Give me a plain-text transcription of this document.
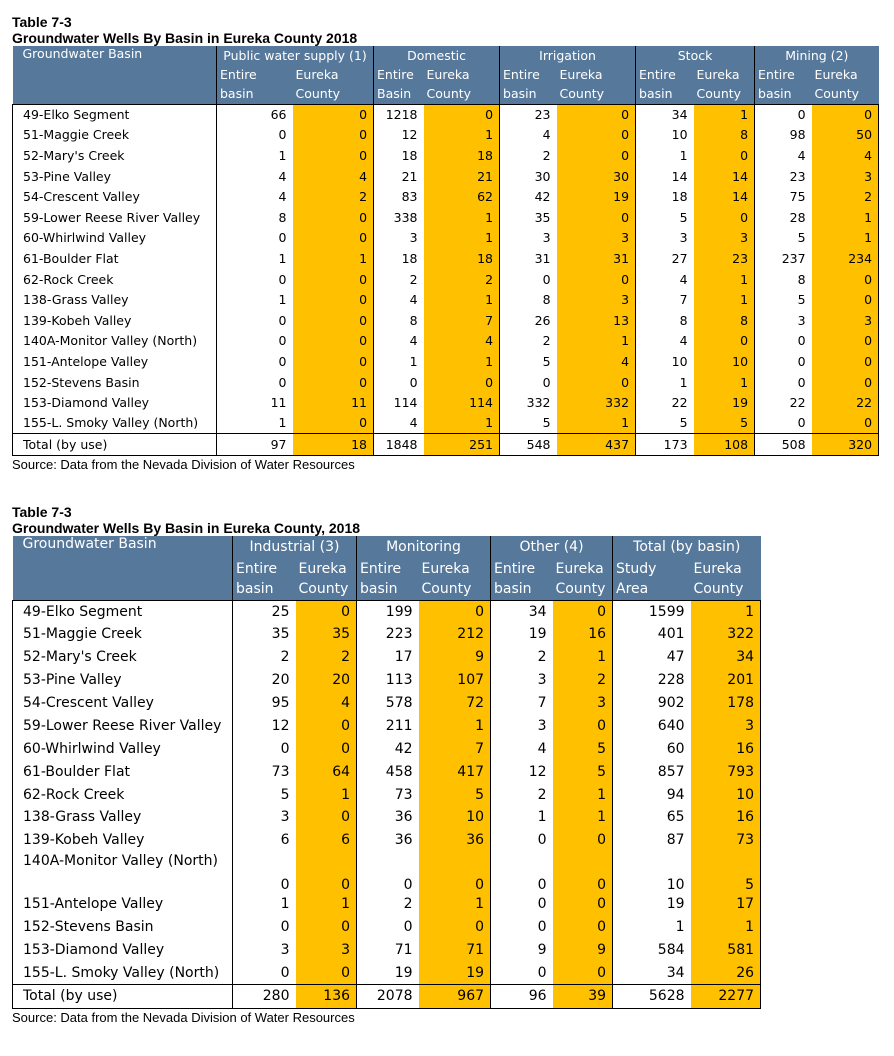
Table 7-3
Groundwater Wells By Basin in Eureka County 2018
Groundwater Basin	Public water supply (1)		Domestic		Irrigation		Stock		Mining (2)	
	Entire	Eureka	Entire	Eureka	Entire	Eureka	Entire	Eureka	Entire	Eureka
	basin	County	Basin	County	basin	County	basin	County	basin	County
49-Elko Segment	66	0	1218	0	23	0	34	1	0	0
51-Maggie Creek	0	0	12	1	4	0	10	8	98	50
52-Mary's Creek	1	0	18	18	2	0	1	0	4	4
53-Pine Valley	4	4	21	21	30	30	14	14	23	3
54-Crescent Valley	4	2	83	62	42	19	18	14	75	2
59-Lower Reese River Valley	8	0	338	1	35	0	5	0	28	1
60-Whirlwind Valley	0	0	3	1	3	3	3	3	5	1
61-Boulder Flat	1	1	18	18	31	31	27	23	237	234
62-Rock Creek	0	0	2	2	0	0	4	1	8	0
138-Grass Valley	1	0	4	1	8	3	7	1	5	0
139-Kobeh Valley	0	0	8	7	26	13	8	8	3	3
140A-Monitor Valley (North)	0	0	4	4	2	1	4	0	0	0
151-Antelope Valley	0	0	1	1	5	4	10	10	0	0
152-Stevens Basin	0	0	0	0	0	0	1	1	0	0
153-Diamond Valley	11	11	114	114	332	332	22	19	22	22
155-L. Smoky Valley (North)	1	0	4	1	5	1	5	5	0	0
Total (by use)	97	18	1848	251	548	437	173	108	508	320
Source: Data from the Nevada Division of Water Resources
Table 7-3
Groundwater Wells By Basin in Eureka County, 2018
Groundwater Basin	Industrial (3)		Monitoring		Other (4)		Total (by basin)	
	Entire	Eureka	Entire	Eureka	Entire	Eureka	Study	Eureka
	basin	County	basin	County	basin	County	Area	County
49-Elko Segment	25	0	199	0	34	0	1599	1
51-Maggie Creek	35	35	223	212	19	16	401	322
52-Mary's Creek	2	2	17	9	2	1	47	34
53-Pine Valley	20	20	113	107	3	2	228	201
54-Crescent Valley	95	4	578	72	7	3	902	178
59-Lower Reese River Valley	12	0	211	1	3	0	640	3
60-Whirlwind Valley	0	0	42	7	4	5	60	16
61-Boulder Flat	73	64	458	417	12	5	857	793
62-Rock Creek	5	1	73	5	2	1	94	10
138-Grass Valley	3	0	36	10	1	1	65	16
139-Kobeh Valley	6	6	36	36	0	0	87	73
140A-Monitor Valley (North)	0	0	0	0	0	0	10	5
151-Antelope Valley	1	1	2	1	0	0	19	17
152-Stevens Basin	0	0	0	0	0	0	1	1
153-Diamond Valley	3	3	71	71	9	9	584	581
155-L. Smoky Valley (North)	0	0	19	19	0	0	34	26
Total (by use)	280	136	2078	967	96	39	5628	2277
Source: Data from the Nevada Division of Water Resources
